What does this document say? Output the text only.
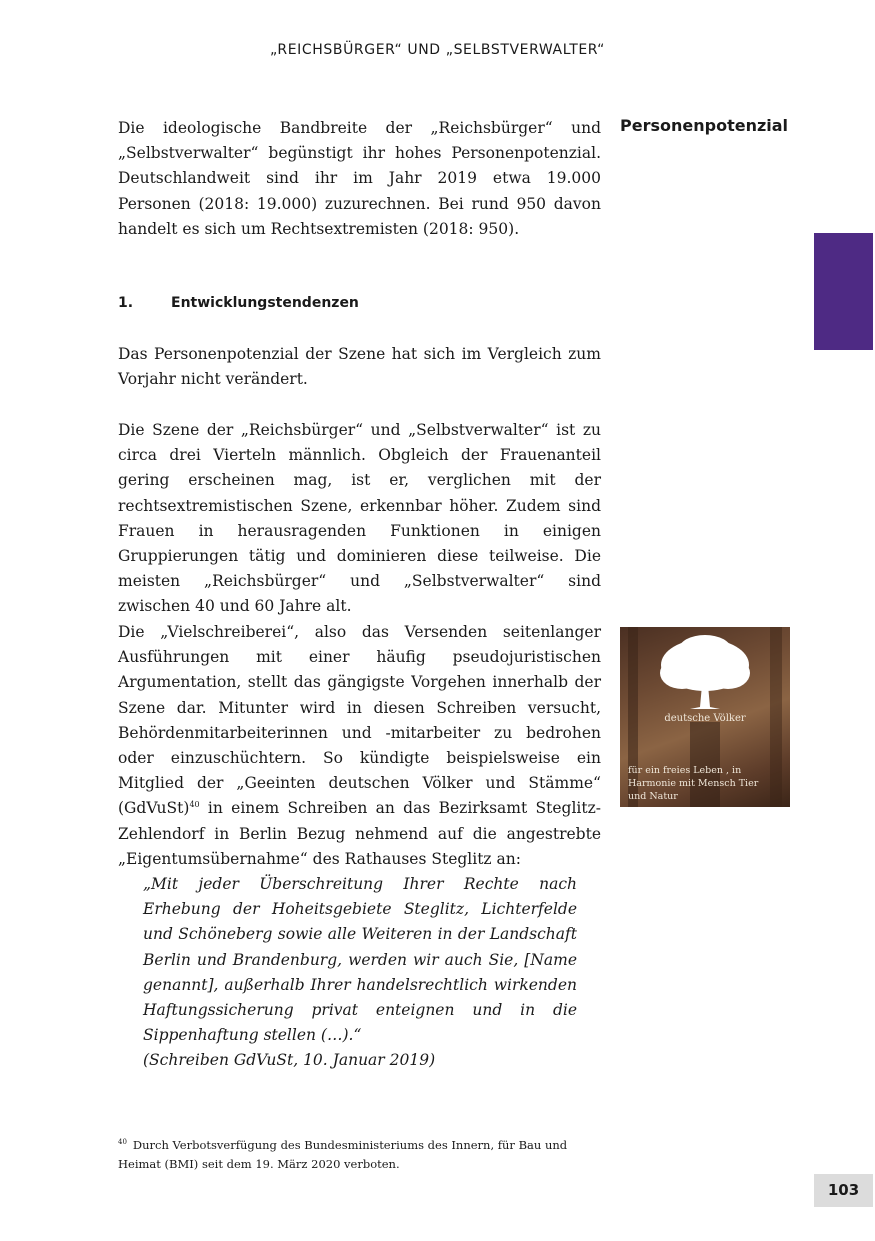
„REICHSBÜRGER“ UND „SELBSTVERWALTER“
Personenpotenzial

Die ideologische Bandbreite der „Reichsbürger“ und „Selbstverwalter“ begünstigt ihr hohes Personenpotenzial. Deutschlandweit sind ihr im Jahr 2019 etwa 19.000 Personen (2018: 19.000) zuzurechnen. Bei rund 950 davon handelt es sich um Rechtsextremisten (2018: 950).

1.	Entwicklungstendenzen

Das Personenpotenzial der Szene hat sich im Vergleich zum Vorjahr nicht verändert.

Die Szene der „Reichsbürger“ und „Selbstverwalter“ ist zu circa drei Vierteln männlich. Obgleich der Frauenanteil gering erscheinen mag, ist er, verglichen mit der rechtsextremistischen Szene, erkennbar höher. Zudem sind Frauen in herausragenden Funktionen in einigen Gruppierungen tätig und dominieren diese teilweise. Die meisten „Reichsbürger“ und „Selbstverwalter“ sind zwischen 40 und 60 Jahre alt.

Die „Vielschreiberei“, also das Versenden seitenlanger Ausführungen mit einer häufig pseudojuristischen Argumentation, stellt das gängigste Vorgehen innerhalb der Szene dar. Mitunter wird in diesen Schreiben versucht, Behördenmitarbeiterinnen und -mitarbeiter zu bedrohen oder einzuschüchtern. So kündigte beispielsweise ein Mitglied der „Geeinten deutschen Völker und Stämme“ (GdVuSt)$^{40}$ in einem Schreiben an das Bezirksamt Steglitz-Zehlendorf in Berlin Bezug nehmend auf die angestrebte „Eigentumsübernahme“ des Rathauses Steglitz an:

deutsche Völker
für ein freies Leben , in Harmonie mit Mensch Tier und Natur
„Mit jeder Überschreitung Ihrer Rechte nach Erhebung der Hoheitsgebiete Steglitz, Lichterfelde und Schöneberg sowie alle Weiteren in der Landschaft Berlin und Brandenburg, werden wir auch Sie, [Name genannt], außerhalb Ihrer handelsrechtlich wirkenden Haftungssicherung privat enteignen und in die Sippenhaftung stellen (…).“
(Schreiben GdVuSt, 10. Januar 2019)
$^{40}$ Durch Verbotsverfügung des Bundesministeriums des Innern, für Bau und Heimat (BMI) seit dem 19. März 2020 verboten.
103
